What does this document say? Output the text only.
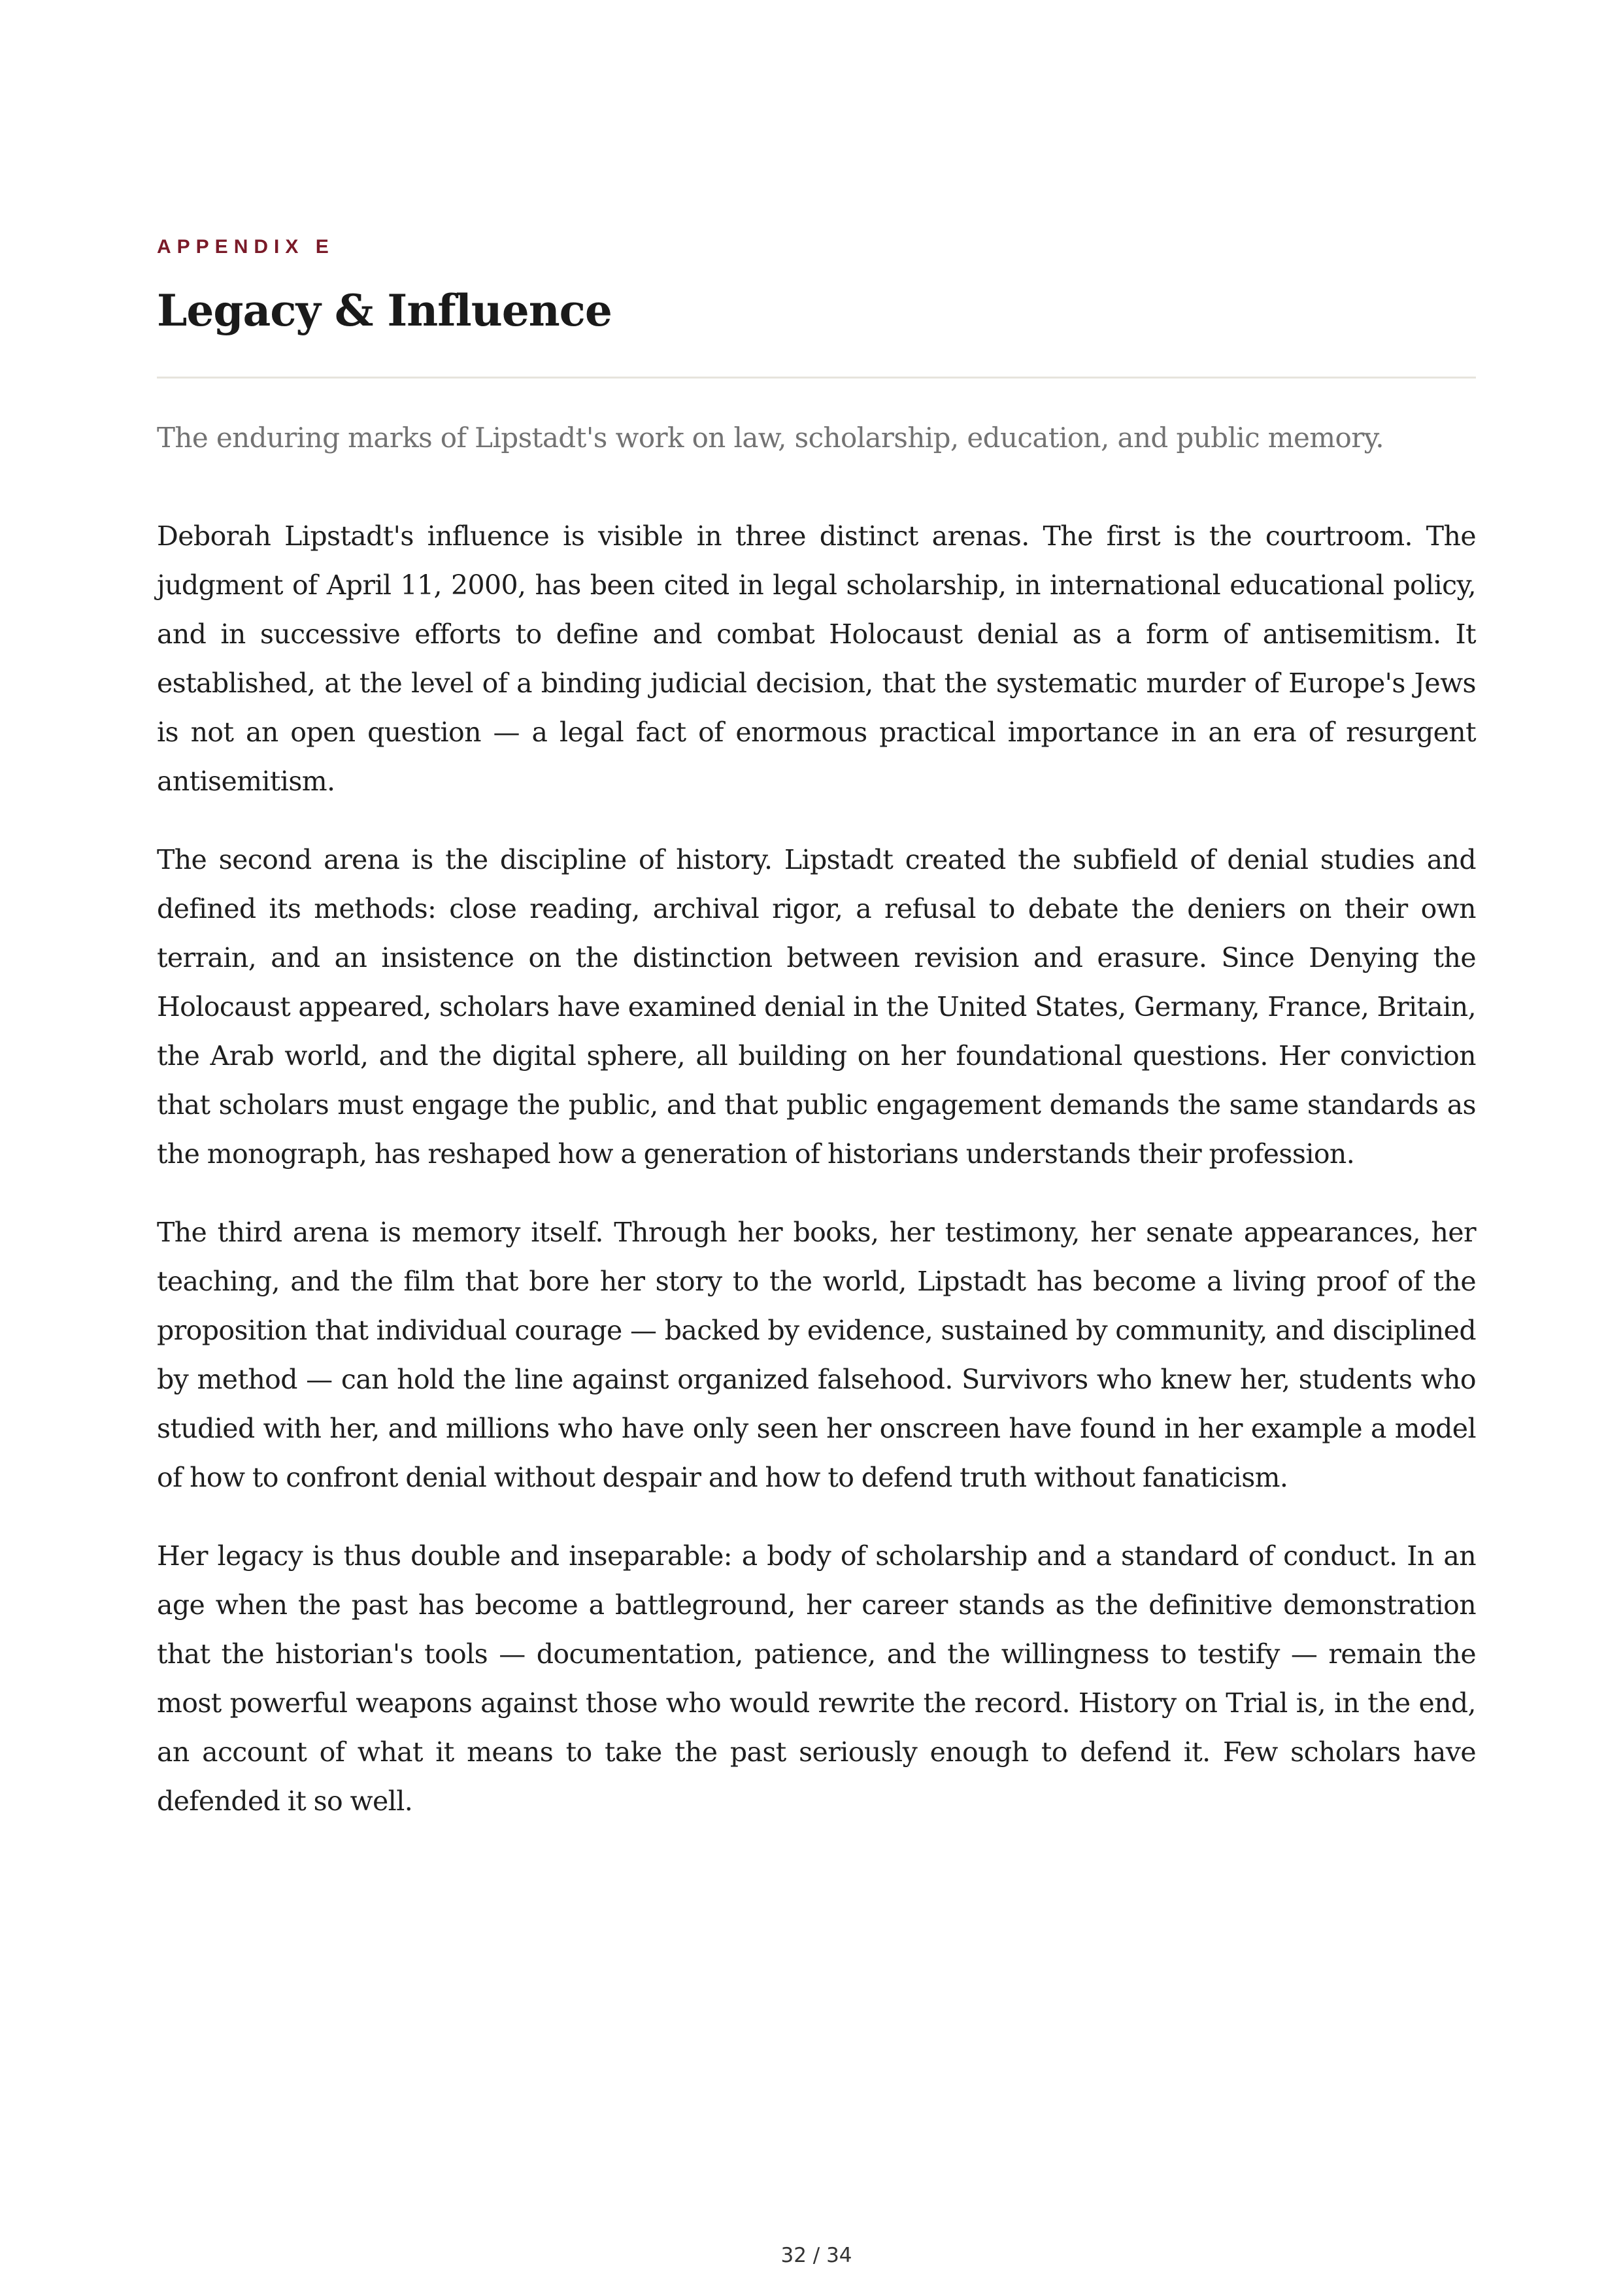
APPENDIX E
Legacy & Influence

The enduring marks of Lipstadt's work on law, scholarship, education, and public memory.

Deborah Lipstadt's influence is visible in three distinct arenas. The first is the courtroom. The judgment of April 11, 2000, has been cited in legal scholarship, in international educational policy, and in successive efforts to define and combat Holocaust denial as a form of antisemitism. It established, at the level of a binding judicial decision, that the systematic murder of Europe's Jews is not an open question — a legal fact of enormous practical importance in an era of resurgent antisemitism.

The second arena is the discipline of history. Lipstadt created the subfield of denial studies and defined its methods: close reading, archival rigor, a refusal to debate the deniers on their own terrain, and an insistence on the distinction between revision and erasure. Since Denying the Holocaust appeared, scholars have examined denial in the United States, Germany, France, Britain, the Arab world, and the digital sphere, all building on her foundational questions. Her conviction that scholars must engage the public, and that public engagement demands the same standards as the monograph, has reshaped how a generation of historians understands their profession.

The third arena is memory itself. Through her books, her testimony, her senate appearances, her teaching, and the film that bore her story to the world, Lipstadt has become a living proof of the proposition that individual courage — backed by evidence, sustained by community, and disciplined by method — can hold the line against organized falsehood. Survivors who knew her, students who studied with her, and millions who have only seen her onscreen have found in her example a model of how to confront denial without despair and how to defend truth without fanaticism.

Her legacy is thus double and inseparable: a body of scholarship and a standard of conduct. In an age when the past has become a battleground, her career stands as the definitive demonstration that the historian's tools — documentation, patience, and the willingness to testify — remain the most powerful weapons against those who would rewrite the record. History on Trial is, in the end, an account of what it means to take the past seriously enough to defend it. Few scholars have defended it so well.

32 / 34
